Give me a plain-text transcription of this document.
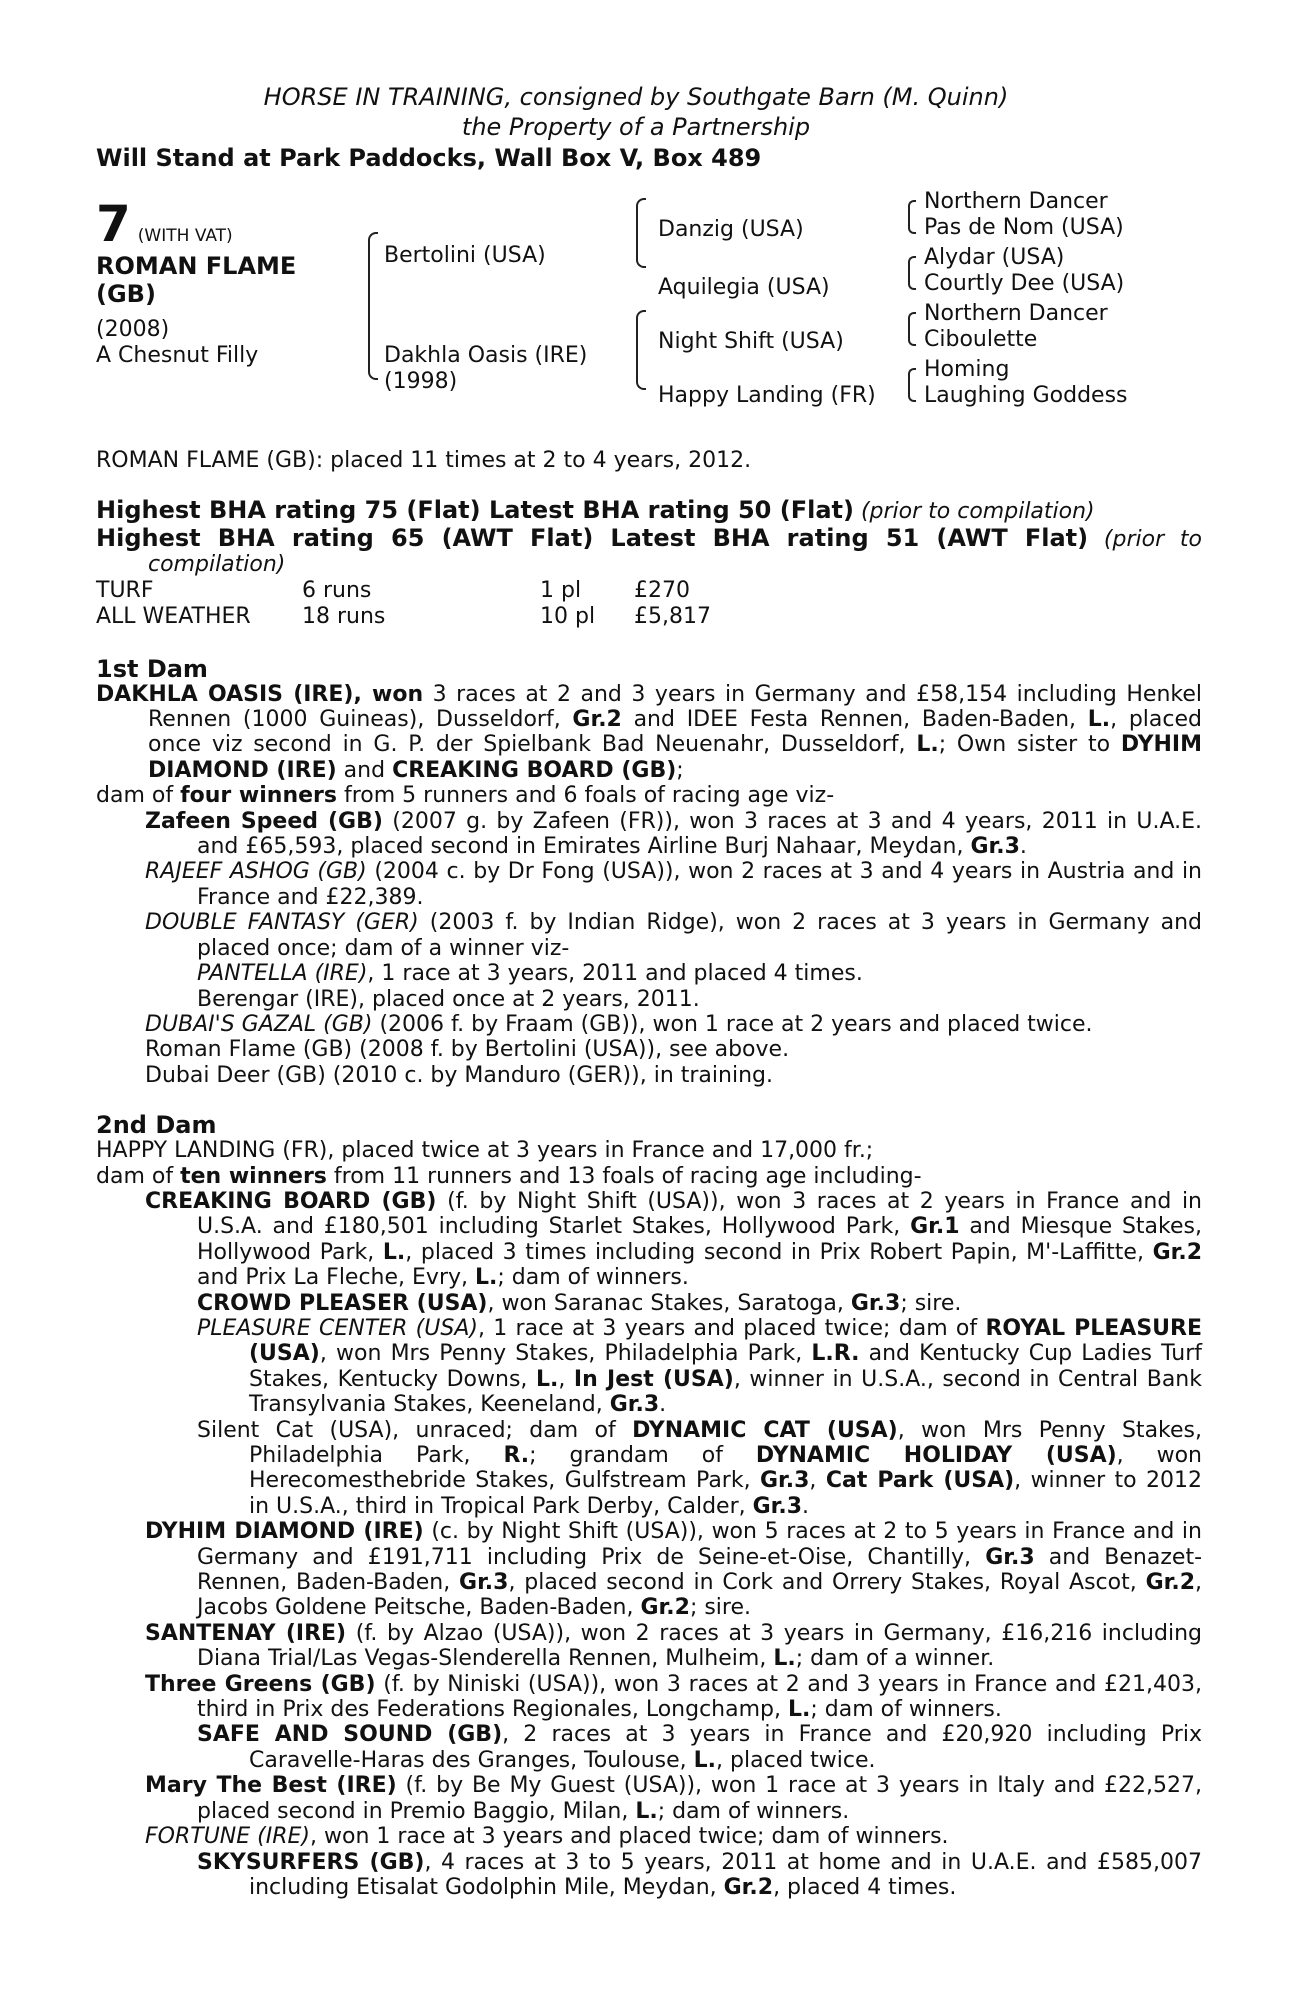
HORSE IN TRAINING, consigned by Southgate Barn (M. Quinn)
the Property of a Partnership
Will Stand at Park Paddocks, Wall Box V, Box 489
7 (WITH VAT)
ROMAN FLAME (GB)
(2008)
A Chesnut Filly
Bertolini (USA)
Dakhla Oasis (IRE)
(1998)
Danzig (USA)
Aquilegia (USA)
Night Shift (USA)
Happy Landing (FR)
Northern Dancer
Pas de Nom (USA)
Alydar (USA)
Courtly Dee (USA)
Northern Dancer
Ciboulette
Homing
Laughing Goddess

ROMAN FLAME (GB): placed 11 times at 2 to 4 years, 2012.

Highest BHA rating 75 (Flat) Latest BHA rating 50 (Flat) (prior to compilation)

Highest BHA rating 65 (AWT Flat) Latest BHA rating 51 (AWT Flat) (prior to compilation)

TURF	6 runs	1 pl £270
ALL WEATHER 18 runs	10 pl £5,817

1st Dam

DAKHLA OASIS (IRE), won 3 races at 2 and 3 years in Germany and £58,154 including Henkel Rennen (1000 Guineas), Dusseldorf, Gr.2 and IDEE Festa Rennen, Baden-Baden, L., placed once viz second in G. P. der Spielbank Bad Neuenahr, Dusseldorf, L.; Own sister to DYHIM DIAMOND (IRE) and CREAKING BOARD (GB);

dam of four winners from 5 runners and 6 foals of racing age viz-

Zafeen Speed (GB) (2007 g. by Zafeen (FR)), won 3 races at 3 and 4 years, 2011 in U.A.E. and £65,593, placed second in Emirates Airline Burj Nahaar, Meydan, Gr.3.

RAJEEF ASHOG (GB) (2004 c. by Dr Fong (USA)), won 2 races at 3 and 4 years in Austria and in France and £22,389.

DOUBLE FANTASY (GER) (2003 f. by Indian Ridge), won 2 races at 3 years in Germany and placed once; dam of a winner viz-

PANTELLA (IRE), 1 race at 3 years, 2011 and placed 4 times.

Berengar (IRE), placed once at 2 years, 2011.

DUBAI'S GAZAL (GB) (2006 f. by Fraam (GB)), won 1 race at 2 years and placed twice.

Roman Flame (GB) (2008 f. by Bertolini (USA)), see above.

Dubai Deer (GB) (2010 c. by Manduro (GER)), in training.

2nd Dam

HAPPY LANDING (FR), placed twice at 3 years in France and 17,000 fr.;

dam of ten winners from 11 runners and 13 foals of racing age including-

CREAKING BOARD (GB) (f. by Night Shift (USA)), won 3 races at 2 years in France and in U.S.A. and £180,501 including Starlet Stakes, Hollywood Park, Gr.1 and Miesque Stakes, Hollywood Park, L., placed 3 times including second in Prix Robert Papin, M'-Laffitte, Gr.2 and Prix La Fleche, Evry, L.; dam of winners.

CROWD PLEASER (USA), won Saranac Stakes, Saratoga, Gr.3; sire.

PLEASURE CENTER (USA), 1 race at 3 years and placed twice; dam of ROYAL PLEASURE (USA), won Mrs Penny Stakes, Philadelphia Park, L.R. and Kentucky Cup Ladies Turf Stakes, Kentucky Downs, L., In Jest (USA), winner in U.S.A., second in Central Bank Transylvania Stakes, Keeneland, Gr.3.

Silent Cat (USA), unraced; dam of DYNAMIC CAT (USA), won Mrs Penny Stakes, Philadelphia Park, R.; grandam of DYNAMIC HOLIDAY (USA), won Herecomesthebride Stakes, Gulfstream Park, Gr.3, Cat Park (USA), winner to 2012 in U.S.A., third in Tropical Park Derby, Calder, Gr.3.

DYHIM DIAMOND (IRE) (c. by Night Shift (USA)), won 5 races at 2 to 5 years in France and in Germany and £191,711 including Prix de Seine-et-Oise, Chantilly, Gr.3 and Benazet-Rennen, Baden-Baden, Gr.3, placed second in Cork and Orrery Stakes, Royal Ascot, Gr.2, Jacobs Goldene Peitsche, Baden-Baden, Gr.2; sire.

SANTENAY (IRE) (f. by Alzao (USA)), won 2 races at 3 years in Germany, £16,216 including Diana Trial/Las Vegas-Slenderella Rennen, Mulheim, L.; dam of a winner.

Three Greens (GB) (f. by Niniski (USA)), won 3 races at 2 and 3 years in France and £21,403, third in Prix des Federations Regionales, Longchamp, L.; dam of winners.

SAFE AND SOUND (GB), 2 races at 3 years in France and £20,920 including Prix Caravelle-Haras des Granges, Toulouse, L., placed twice.

Mary The Best (IRE) (f. by Be My Guest (USA)), won 1 race at 3 years in Italy and £22,527, placed second in Premio Baggio, Milan, L.; dam of winners.

FORTUNE (IRE), won 1 race at 3 years and placed twice; dam of winners.

SKYSURFERS (GB), 4 races at 3 to 5 years, 2011 at home and in U.A.E. and £585,007 including Etisalat Godolphin Mile, Meydan, Gr.2, placed 4 times.
